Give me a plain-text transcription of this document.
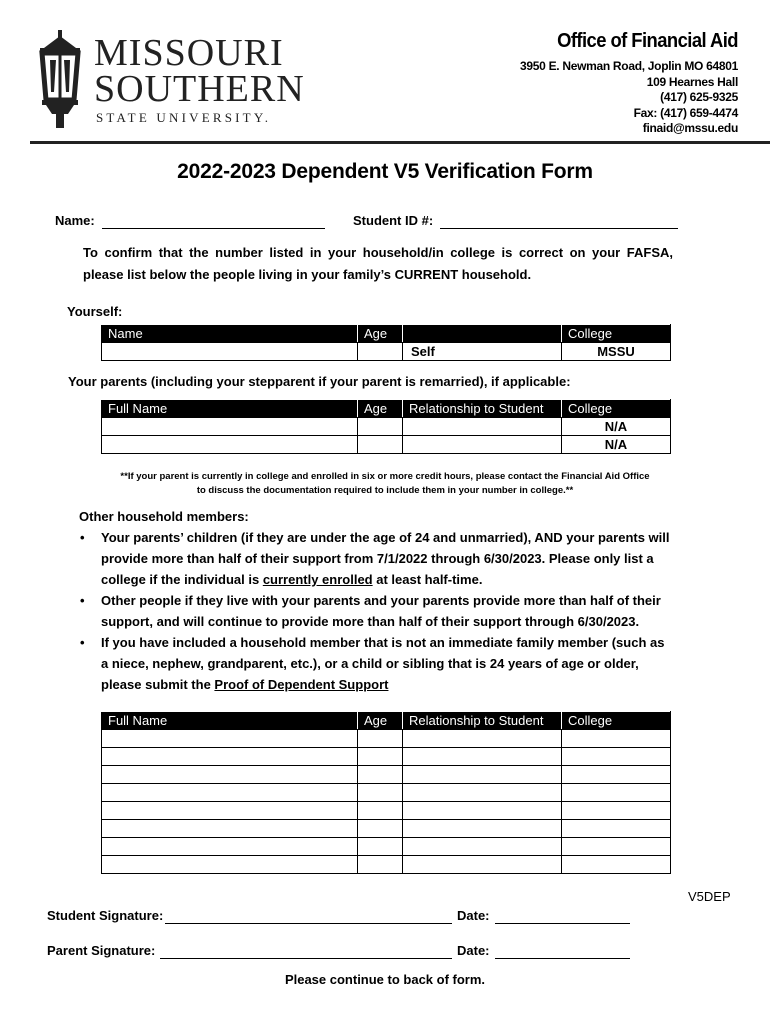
MISSOURI
SOUTHERN
STATE UNIVERSITY.
Office of Financial Aid
3950 E. Newman Road, Joplin MO 64801
109 Hearnes Hall
(417) 625-9325
Fax: (417) 659-4474
finaid@mssu.edu
2022-2023 Dependent V5 Verification Form
Name:	Student ID #:
To confirm that the number listed in your household/in college is correct on your FAFSA, please list below the people living in your family’s CURRENT household.
Yourself:
Name	Age		College
		Self	MSSU
Your parents (including your stepparent if your parent is remarried), if applicable:
Full Name	Age	Relationship to Student	College
			N/A
			N/A
**If your parent is currently in college and enrolled in six or more credit hours, please contact the Financial Aid Office
to discuss the documentation required to include them in your number in college.**
Other household members:
• Your parents’ children (if they are under the age of 24 and unmarried), AND your parents will provide more than half of their support from 7/1/2022 through 6/30/2023. Please only list a college if the individual is currently enrolled at least half-time.
• Other people if they live with your parents and your parents provide more than half of their support, and will continue to provide more than half of their support through 6/30/2023.
• If you have included a household member that is not an immediate family member (such as a niece, nephew, grandparent, etc.), or a child or sibling that is 24 years of age or older, please submit the Proof of Dependent Support
Full Name	Age	Relationship to Student	College

V5DEP
Student Signature:	Date:
Parent Signature:	Date:
Please continue to back of form.
